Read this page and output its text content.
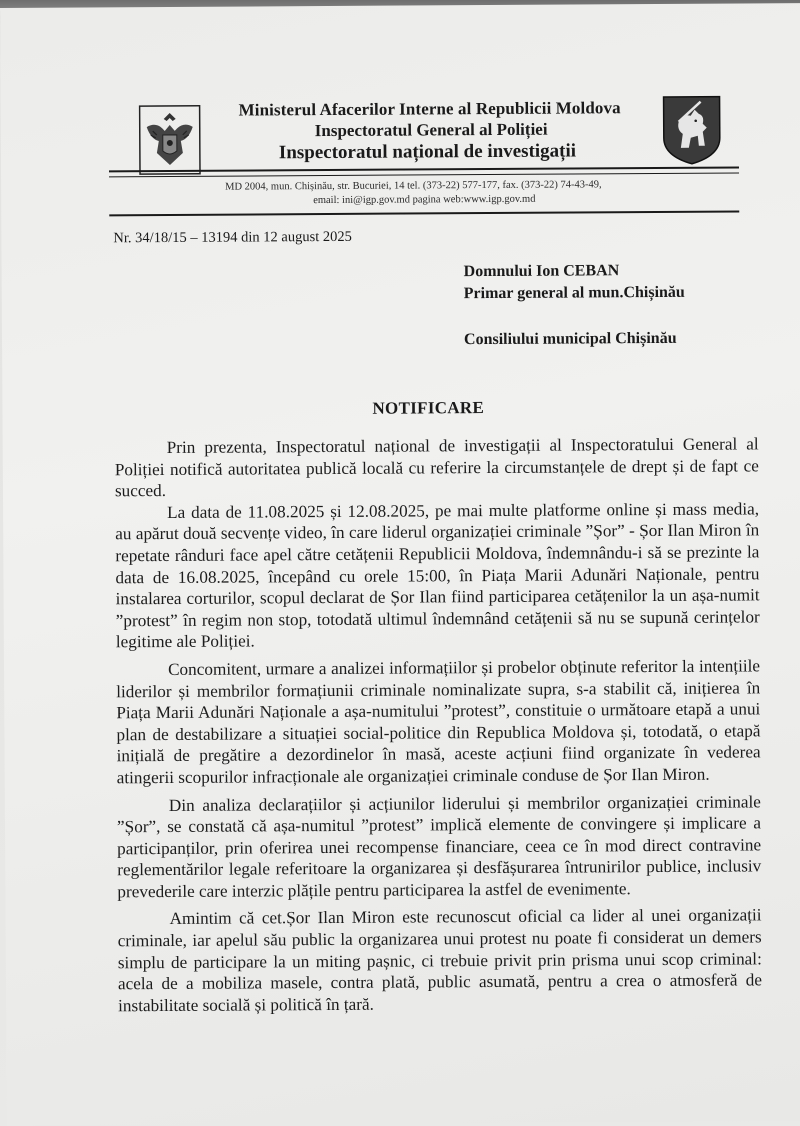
Ministerul Afacerilor Interne al Republicii Moldova
Inspectoratul General al Poliției
Inspectoratul național de investigații
MD 2004, mun. Chișinău, str. Bucuriei, 14 tel. (373-22) 577-177, fax. (373-22) 74-43-49,
email: ini@igp.gov.md pagina web:www.igp.gov.md
Nr. 34/18/15 – 13194 din 12 august 2025
Domnului Ion CEBAN
Primar general al mun.Chișinău
Consiliului municipal Chișinău
NOTIFICARE

Prin prezenta, Inspectoratul național de investigații al Inspectoratului General al Poliției notifică autoritatea publică locală cu referire la circumstanțele de drept și de fapt ce succed.

La data de 11.08.2025 și 12.08.2025, pe mai multe platforme online și mass media, au apărut două secvențe video, în care liderul organizației criminale ”Șor” - Șor Ilan Miron în repetate rânduri face apel către cetățenii Republicii Moldova, îndemnându-i să se prezinte la data de 16.08.2025, începând cu orele 15:00, în Piața Marii Adunări Naționale, pentru instalarea corturilor, scopul declarat de Șor Ilan fiind participarea cetățenilor la un așa-numit ”protest” în regim non stop, totodată ultimul îndemnând cetățenii să nu se supună cerințelor legitime ale Poliției.

Concomitent, urmare a analizei informațiilor și probelor obținute referitor la intențiile liderilor și membrilor formațiunii criminale nominalizate supra, s-a stabilit că, inițierea în Piața Marii Adunări Naționale a așa-numitului ”protest”, constituie o următoare etapă a unui plan de destabilizare a situației social-politice din Republica Moldova și, totodată, o etapă inițială de pregătire a dezordinelor în masă, aceste acțiuni fiind organizate în vederea atingerii scopurilor infracționale ale organizației criminale conduse de Șor Ilan Miron.

Din analiza declarațiilor și acțiunilor liderului și membrilor organizației criminale ”Șor”, se constată că așa-numitul ”protest” implică elemente de convingere și implicare a participanților, prin oferirea unei recompense financiare, ceea ce în mod direct contravine reglementărilor legale referitoare la organizarea și desfășurarea întrunirilor publice, inclusiv prevederile care interzic plățile pentru participarea la astfel de evenimente.

Amintim că cet.Șor Ilan Miron este recunoscut oficial ca lider al unei organizații criminale, iar apelul său public la organizarea unui protest nu poate fi considerat un demers simplu de participare la un miting pașnic, ci trebuie privit prin prisma unui scop criminal: acela de a mobiliza masele, contra plată, public asumată, pentru a crea o atmosferă de instabilitate socială și politică în țară.
